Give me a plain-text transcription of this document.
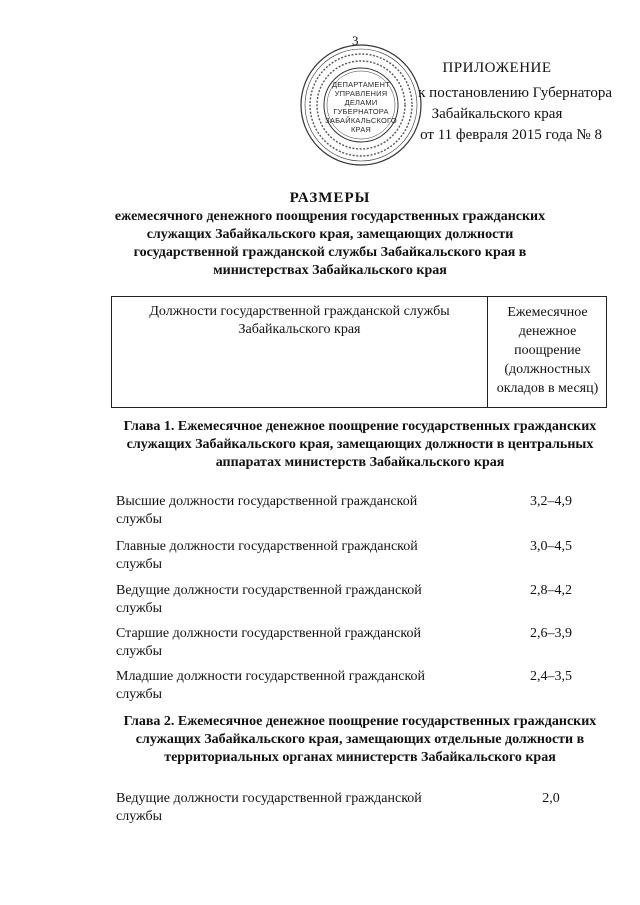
3
ДЕПАРТАМЕНТ
УПРАВЛЕНИЯ
ДЕЛАМИ
ГУБЕРНАТОРА
ЗАБАЙКАЛЬСКОГО
КРАЯ
ПРИЛОЖЕНИЕ
к постановлению Губернатора
Забайкальского края
от 11 февраля 2015 года № 8
РАЗМЕРЫ
ежемесячного денежного поощрения государственных гражданских служащих Забайкальского края, замещающих должности государственной гражданской службы Забайкальского края в министерствах Забайкальского края
Должности государственной гражданской службы Забайкальского края
Ежемесячное денежное поощрение (должностных окладов в месяц)
Глава 1. Ежемесячное денежное поощрение государственных гражданских служащих Забайкальского края, замещающих должности в центральных аппаратах министерств Забайкальского края
Высшие должности государственной гражданской службы
3,2–4,9
Главные должности государственной гражданской службы
3,0–4,5
Ведущие должности государственной гражданской службы
2,8–4,2
Старшие должности государственной гражданской службы
2,6–3,9
Младшие должности государственной гражданской службы
2,4–3,5
Глава 2. Ежемесячное денежное поощрение государственных гражданских служащих Забайкальского края, замещающих отдельные должности в территориальных органах министерств Забайкальского края
Ведущие должности государственной гражданской службы
2,0
